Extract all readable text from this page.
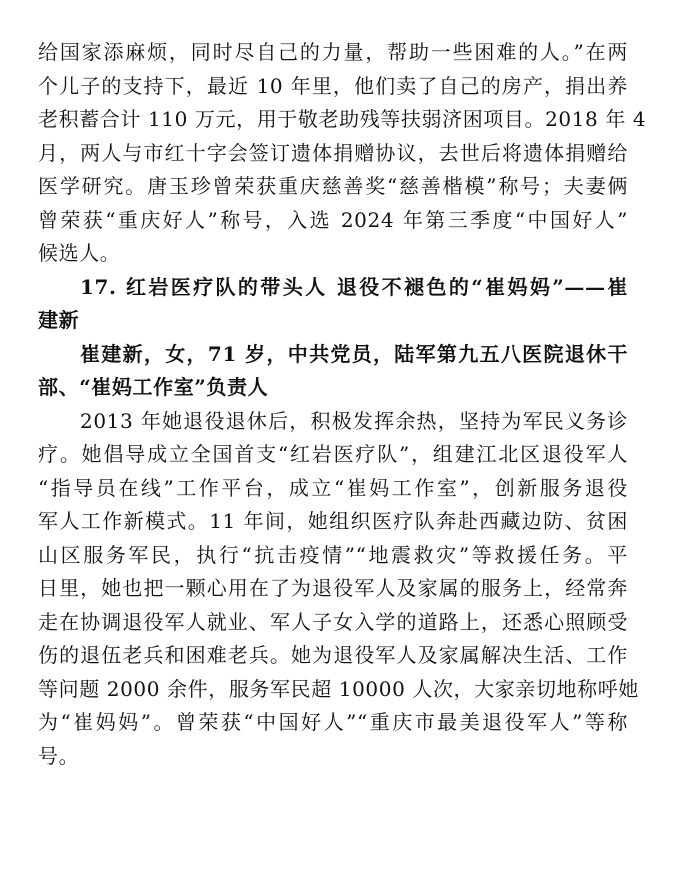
给国家添麻烦，同时尽自己的力量，帮助一些困难的人。”在两
个儿子的支持下，最近 10 年里，他们卖了自己的房产，捐出养
老积蓄合计 110 万元，用于敬老助残等扶弱济困项目。2018 年 4
月，两人与市红十字会签订遗体捐赠协议，去世后将遗体捐赠给
医学研究。唐玉珍曾荣获重庆慈善奖“慈善楷模”称号；夫妻俩
曾荣获“重庆好人”称号，入选 2024 年第三季度“中国好人”
候选人。
17. 红岩医疗队的带头人 退役不褪色的“崔妈妈”——崔
建新
崔建新，女，71 岁，中共党员，陆军第九五八医院退休干
部、“崔妈工作室”负责人
2013 年她退役退休后，积极发挥余热，坚持为军民义务诊
疗。她倡导成立全国首支“红岩医疗队”，组建江北区退役军人
“指导员在线”工作平台，成立“崔妈工作室”，创新服务退役
军人工作新模式。11 年间，她组织医疗队奔赴西藏边防、贫困
山区服务军民，执行“抗击疫情”“地震救灾”等救援任务。平
日里，她也把一颗心用在了为退役军人及家属的服务上，经常奔
走在协调退役军人就业、军人子女入学的道路上，还悉心照顾受
伤的退伍老兵和困难老兵。她为退役军人及家属解决生活、工作
等问题 2000 余件，服务军民超 10000 人次，大家亲切地称呼她
为“崔妈妈”。曾荣获“中国好人”“重庆市最美退役军人”等称
号。
